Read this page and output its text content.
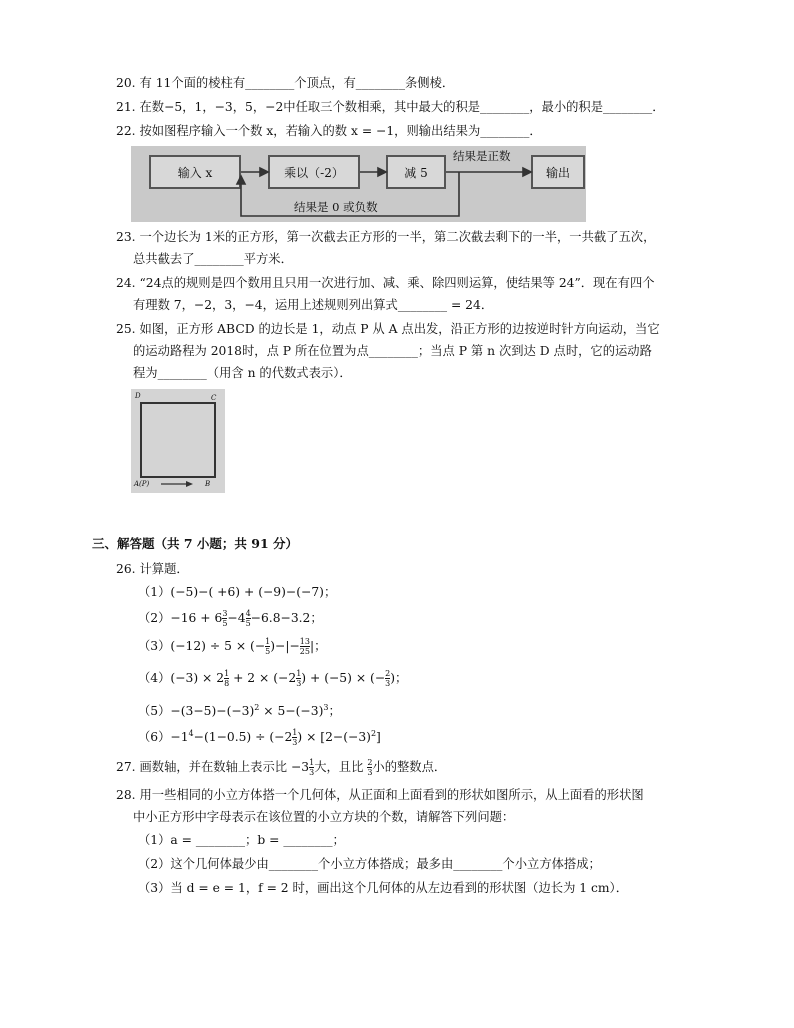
20. 有 11个面的棱柱有________个顶点，有________条侧棱．
21. 在数−5，1，−3，5，−2中任取三个数相乘，其中最大的积是________，最小的积是________．
22. 按如图程序输入一个数 x，若输入的数 x = −1，则输出结果为________．
输入 x	乘以（-2）	减 5	输出
结果是正数
结果是 0 或负数
23. 一个边长为 1米的正方形，第一次截去正方形的一半，第二次截去剩下的一半，一共截了五次，
总共截去了________平方米．
24. “24点的规则是四个数用且只用一次进行加、减、乘、除四则运算，使结果等 24”．现在有四个
有理数 7，−2，3，−4，运用上述规则列出算式________ = 24．
25. 如图，正方形 ABCD 的边长是 1，动点 P 从 A 点出发，沿正方形的边按逆时针方向运动，当它
的运动路程为 2018时，点 P 所在位置为点________；当点 P 第 n 次到达 D 点时，它的运动路
程为________（用含 n 的代数式表示）．
D	C
A(P)	B
三、解答题（共 7 小题；共 91 分）
26. 计算题．
（1）(−5)−( +6) + (−9)−(−7)；
$(2)-16 + 6 \frac{3}{5} -4 \frac{4}{5} -6.8-3.2$；
（3）(−12) ÷ 5 × (− $\frac{1}{5}$ )−|− $\frac{13}{25}$ |；
$(4)(-3) \times 2 \frac{1}{8} + 2 \times (-2 \frac{1}{3}$ ) + (−5) × (− $\frac{2}{3}$ )；
$(5)-(3-5)-(-3)^2 \times 5-(-3)^3$；
$(6)-1^4-(1-0.5) \div (-2 \frac{1}{3}$ ) × $[2-(-3)^2]$
27. 画数轴，并在数轴上表示比 $-3 \frac{1}{3}$ 大，且比 $\frac{2}{3}$ 小的整数点．
28. 用一些相同的小立方体搭一个几何体，从正面和上面看到的形状如图所示，从上面看的形状图
中小正方形中字母表示在该位置的小立方块的个数，请解答下列问题：
（1）a = ________；b = ________；
（2）这个几何体最少由________个小立方体搭成；最多由________个小立方体搭成；
（3）当 d = e = 1，f = 2 时，画出这个几何体的从左边看到的形状图（边长为 1 cm）．
